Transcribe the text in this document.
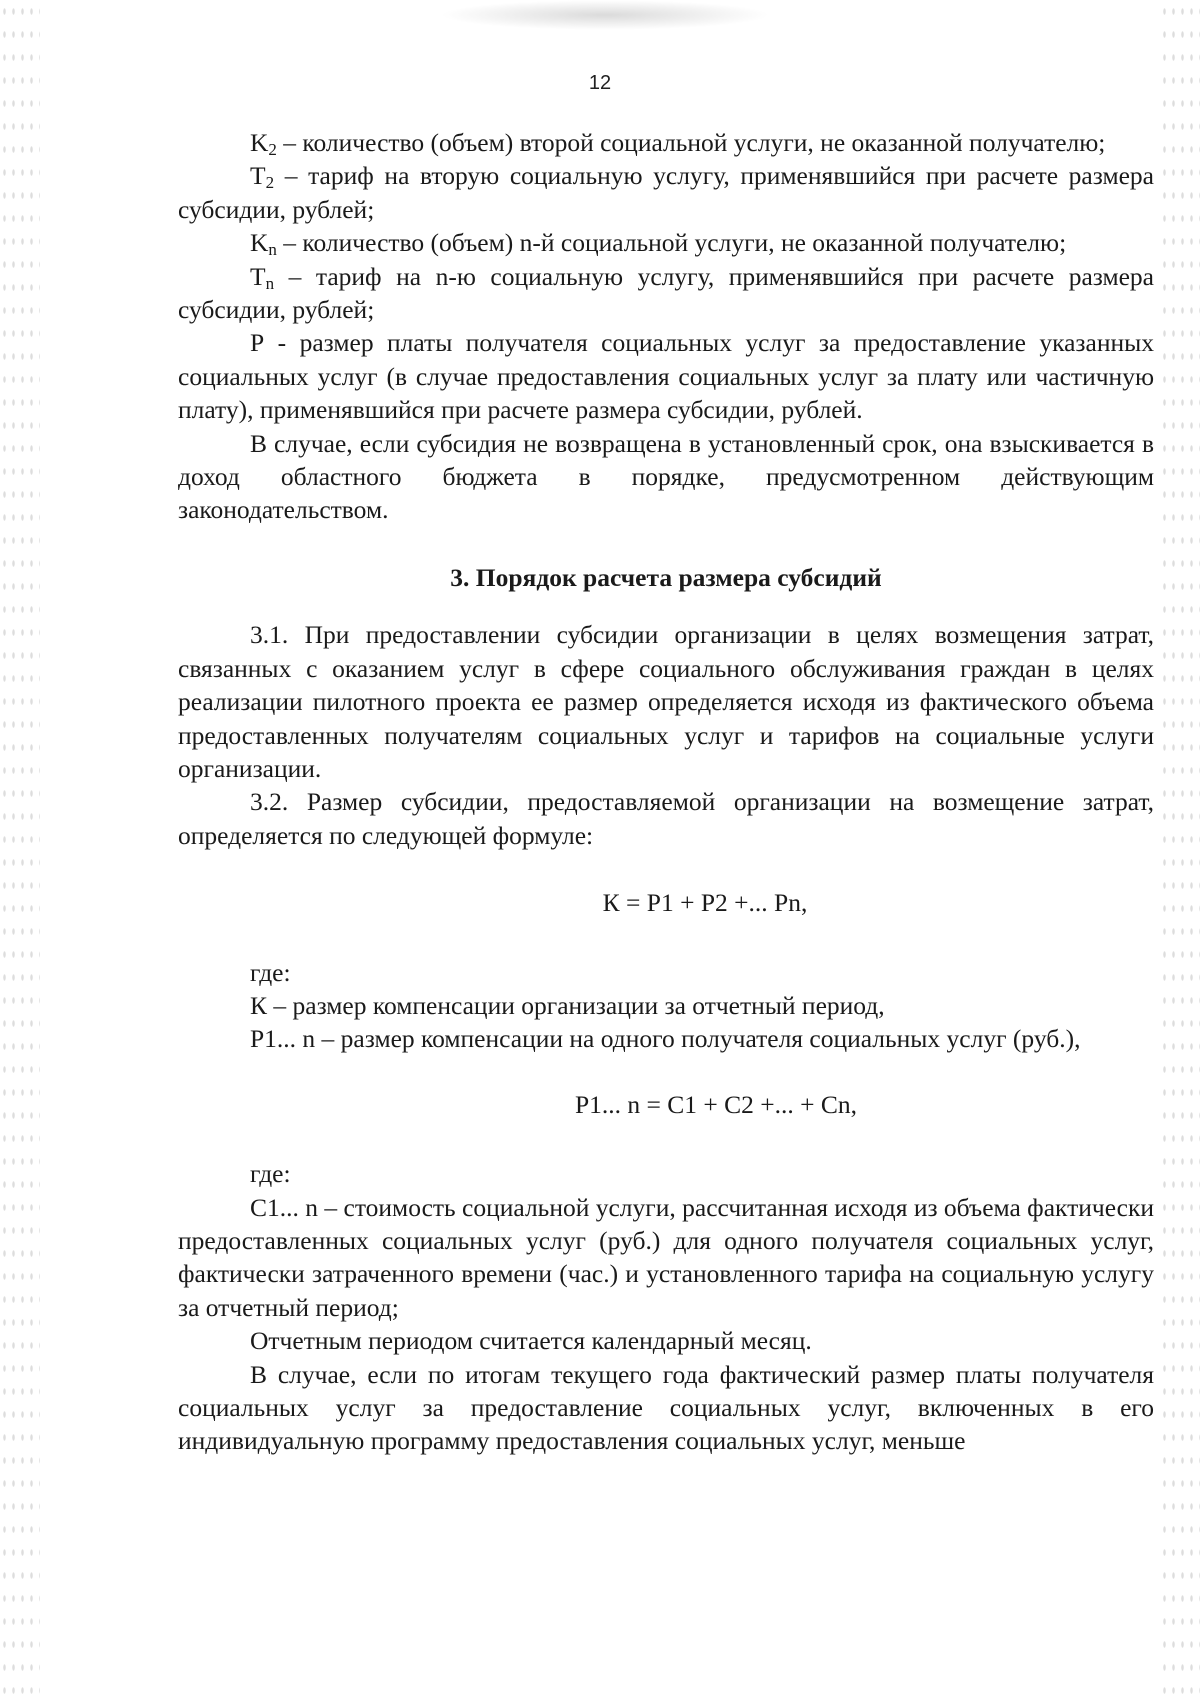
12

$K_2$ – количество (объем) второй социальной услуги, не оказанной получателю;

$Т_2$ – тариф на вторую социальную услугу, применявшийся при расчете размера субсидии, рублей;

$K_n$ – количество (объем) n-й социальной услуги, не оказанной получателю;

$Т_n$ – тариф на n-ю социальную услугу, применявшийся при расчете размера субсидии, рублей;

Р - размер платы получателя социальных услуг за предоставление указанных социальных услуг (в случае предоставления социальных услуг за плату или частичную плату), применявшийся при расчете размера субсидии, рублей.

В случае, если субсидия не возвращена в установленный срок, она взыскивается в доход областного бюджета в порядке, предусмотренном действующим законодательством.

3. Порядок расчета размера субсидий

3.1. При предоставлении субсидии организации в целях возмещения затрат, связанных с оказанием услуг в сфере социального обслуживания граждан в целях реализации пилотного проекта ее размер определяется исходя из фактического объема предоставленных получателям социальных услуг и тарифов на социальные услуги организации.

3.2. Размер субсидии, предоставляемой организации на возмещение затрат, определяется по следующей формуле:

К = Р1 + Р2 +... Рn,

где:

К – размер компенсации организации за отчетный период,

Р1... n – размер компенсации на одного получателя социальных услуг (руб.),

Р1... n = С1 + С2 +... + Сn,

где:

С1... n – стоимость социальной услуги, рассчитанная исходя из объема фактически предоставленных социальных услуг (руб.) для одного получателя социальных услуг, фактически затраченного времени (час.) и установленного тарифа на социальную услугу за отчетный период;

Отчетным периодом считается календарный месяц.

В случае, если по итогам текущего года фактический размер платы получателя социальных услуг за предоставление социальных услуг, включенных в его индивидуальную программу предоставления социальных услуг, меньше
